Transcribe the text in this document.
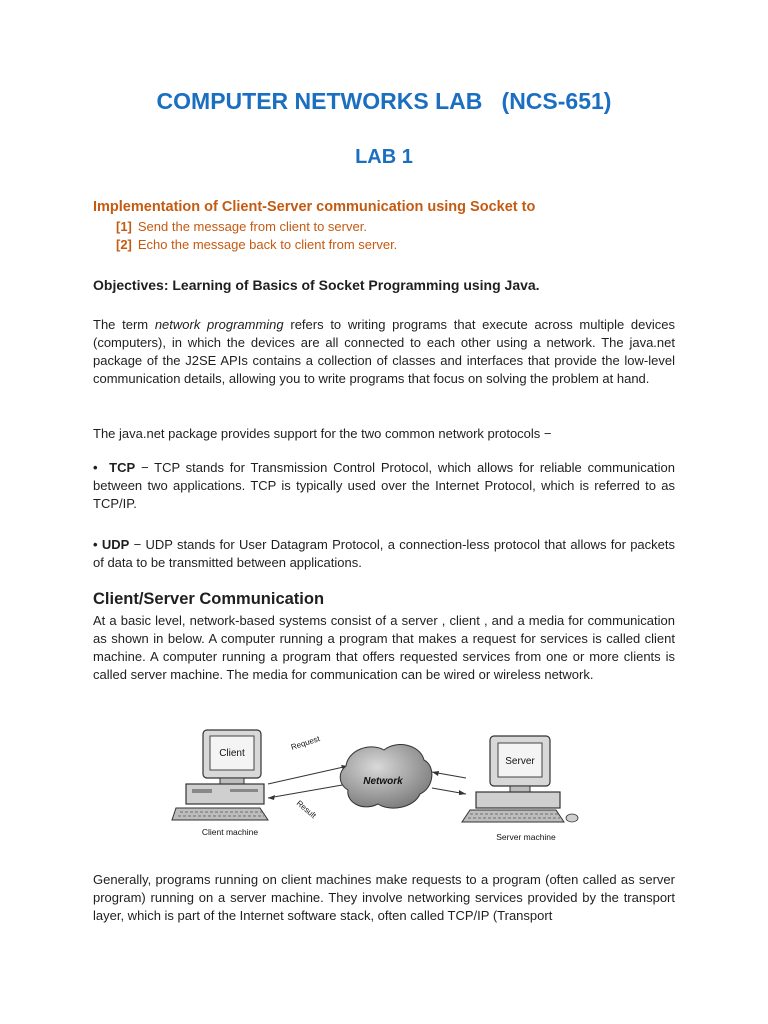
COMPUTER NETWORKS LAB   (NCS-651)
LAB 1
Implementation of Client-Server communication using Socket to
[1] Send the message from client to server.
[2] Echo the message back to client from server.
Objectives: Learning of Basics of Socket Programming using Java.
The term network programming refers to writing programs that execute across multiple devices (computers), in which the devices are all connected to each other using a network. The java.net package of the J2SE APIs contains a collection of classes and interfaces that provide the low-level communication details, allowing you to write programs that focus on solving the problem at hand.
The java.net package provides support for the two common network protocols −
• TCP − TCP stands for Transmission Control Protocol, which allows for reliable communication between two applications. TCP is typically used over the Internet Protocol, which is referred to as TCP/IP.
• UDP − UDP stands for User Datagram Protocol, a connection-less protocol that allows for packets of data to be transmitted between applications.
Client/Server Communication
At a basic level, network-based systems consist of a server , client , and a media for communication as shown in below. A computer running a program that makes a request for services is called client machine. A computer running a program that offers requested services from one or more clients is called server machine. The media for communication can be wired or wireless network.
Client
Client machine
Request
Result
Network
Server
Server machine
Generally, programs running on client machines make requests to a program (often called as server program) running on a server machine. They involve networking services provided by the transport layer, which is part of the Internet software stack, often called TCP/IP (Transport
